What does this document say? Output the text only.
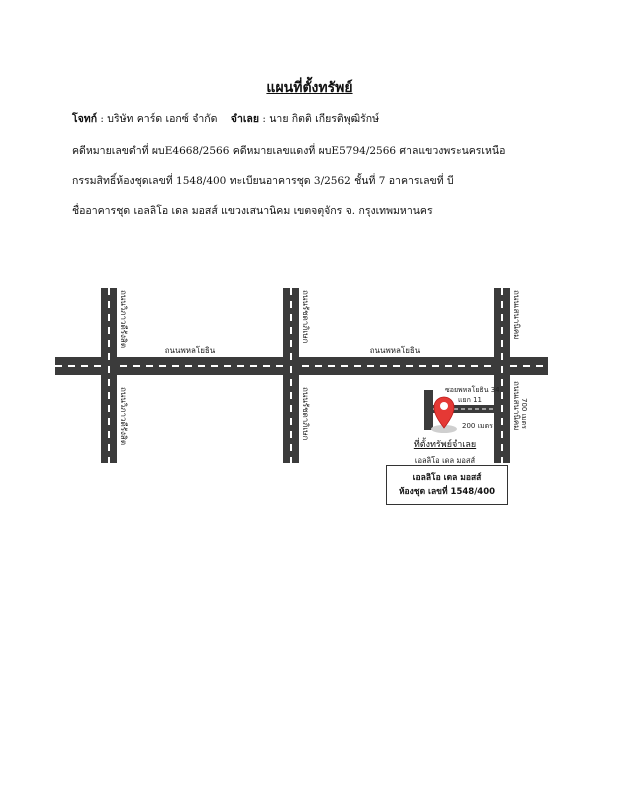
แผนที่ตั้งทรัพย์
โจทก์ : บริษัท คาร์ด เอกซ์ จำกัด จำเลย : นาย กิตติ เกียรติพุฒิรักษ์
คดีหมายเลขดำที่ ผบE4668/2566 คดีหมายเลขแดงที่ ผบE5794/2566 ศาลแขวงพระนครเหนือ
กรรมสิทธิ์ห้องชุดเลขที่ 1548/400 ทะเบียนอาคารชุด 3/2562 ชั้นที่ 7 อาคารเลขที่ บี
ชื่ออาคารชุด เอลลิโอ เดล มอสส์ แขวงเสนานิคม เขตจตุจักร จ. กรุงเทพมหานคร
ถนนพหลโยธิน	ถนนพหลโยธิน
ถนนวิภาวดีรังสิต
ถนนวิภาวดีรังสิต
ถนนรัชดาภิเษก
ถนนรัชดาภิเษก
ถนนเสนานิคม
ถนนเสนานิคม 700 เมตร
ซอยพหลโยธิน 34
แยก 11
200 เมตร
ที่ตั้งทรัพย์จำเลย
เอลลิโอ เดล มอสส์
เอลลิโอ เดล มอสส์
ห้องชุด เลขที่ 1548/400
